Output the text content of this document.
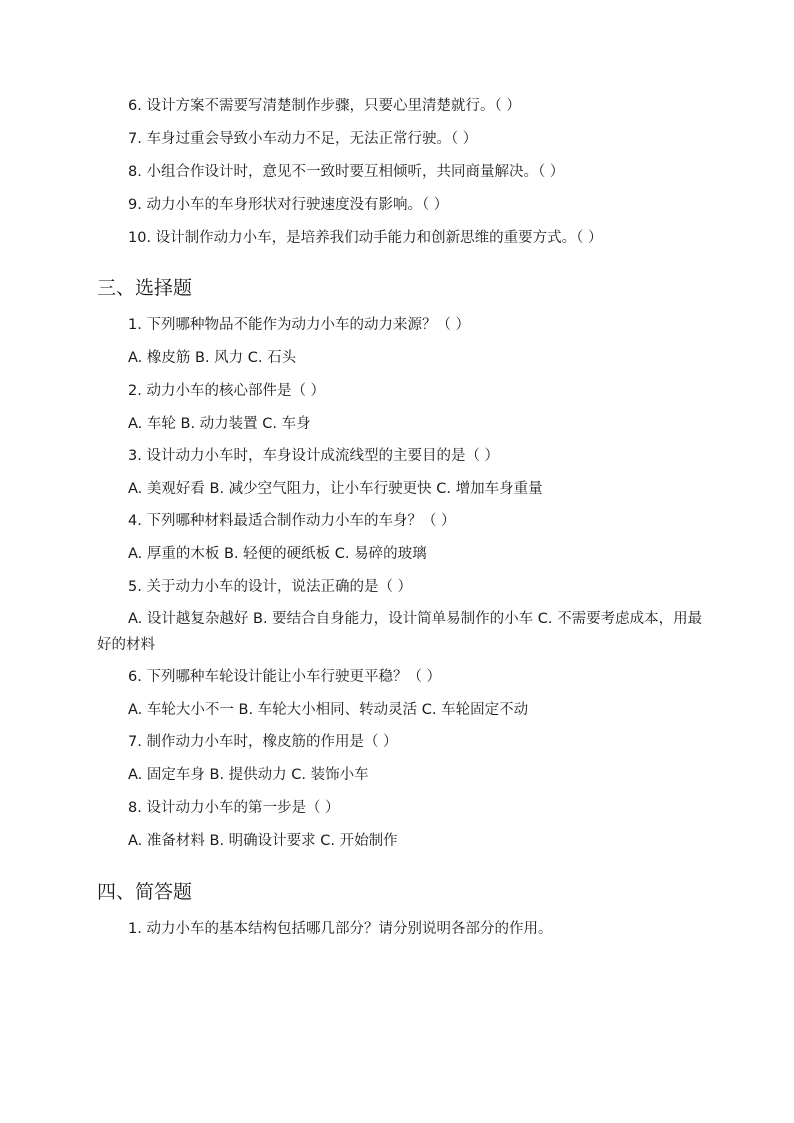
6. 设计方案不需要写清楚制作步骤，只要心里清楚就行。（ ）
7. 车身过重会导致小车动力不足，无法正常行驶。（ ）
8. 小组合作设计时，意见不一致时要互相倾听，共同商量解决。（ ）
9. 动力小车的车身形状对行驶速度没有影响。（ ）
10. 设计制作动力小车，是培养我们动手能力和创新思维的重要方式。（ ）
三、选择题
1. 下列哪种物品不能作为动力小车的动力来源？（ ）
A. 橡皮筋 B. 风力 C. 石头
2. 动力小车的核心部件是（ ）
A. 车轮 B. 动力装置 C. 车身
3. 设计动力小车时，车身设计成流线型的主要目的是（ ）
A. 美观好看 B. 减少空气阻力，让小车行驶更快 C. 增加车身重量
4. 下列哪种材料最适合制作动力小车的车身？（ ）
A. 厚重的木板 B. 轻便的硬纸板 C. 易碎的玻璃
5. 关于动力小车的设计，说法正确的是（ ）
A. 设计越复杂越好 B. 要结合自身能力，设计简单易制作的小车 C. 不需要考虑成本，用最好的材料
6. 下列哪种车轮设计能让小车行驶更平稳？（ ）
A. 车轮大小不一 B. 车轮大小相同、转动灵活 C. 车轮固定不动
7. 制作动力小车时，橡皮筋的作用是（ ）
A. 固定车身 B. 提供动力 C. 装饰小车
8. 设计动力小车的第一步是（ ）
A. 准备材料 B. 明确设计要求 C. 开始制作
四、简答题
1. 动力小车的基本结构包括哪几部分？请分别说明各部分的作用。
